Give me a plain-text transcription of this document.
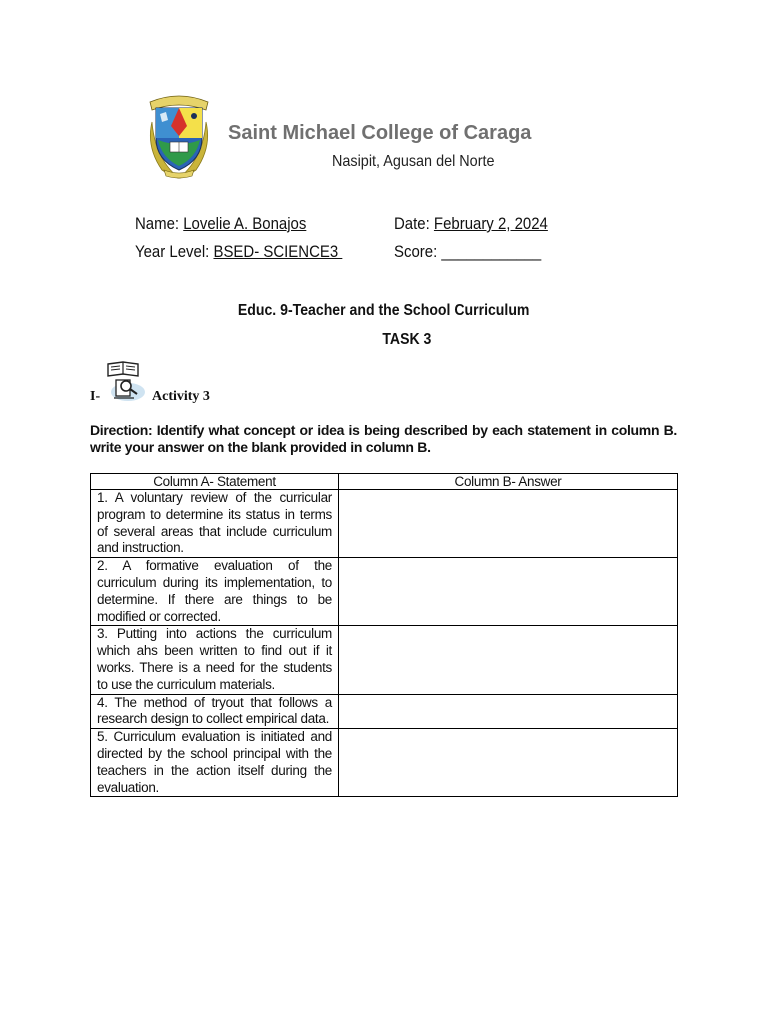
Saint Michael College of Caraga
Nasipit, Agusan del Norte
Name: Lovelie A. Bonajos	Date: February 2, 2024
Year Level: BSED- SCIENCE3	Score: ____________
Educ. 9-Teacher and the School Curriculum
TASK 3
I-	Activity 3
Direction: Identify what concept or idea is being described by each statement in column B. write your answer on the blank provided in column B.
Column A- Statement	Column B- Answer
1. A voluntary review of the curricular program to determine its status in terms of several areas that include curriculum and instruction.	
2. A formative evaluation of the curriculum during its implementation, to determine. If there are things to be modified or corrected.	
3. Putting into actions the curriculum which ahs been written to find out if it works. There is a need for the students to use the curriculum materials.	
4. The method of tryout that follows a research design to collect empirical data.	
5. Curriculum evaluation is initiated and directed by the school principal with the teachers in the action itself during the evaluation.	
